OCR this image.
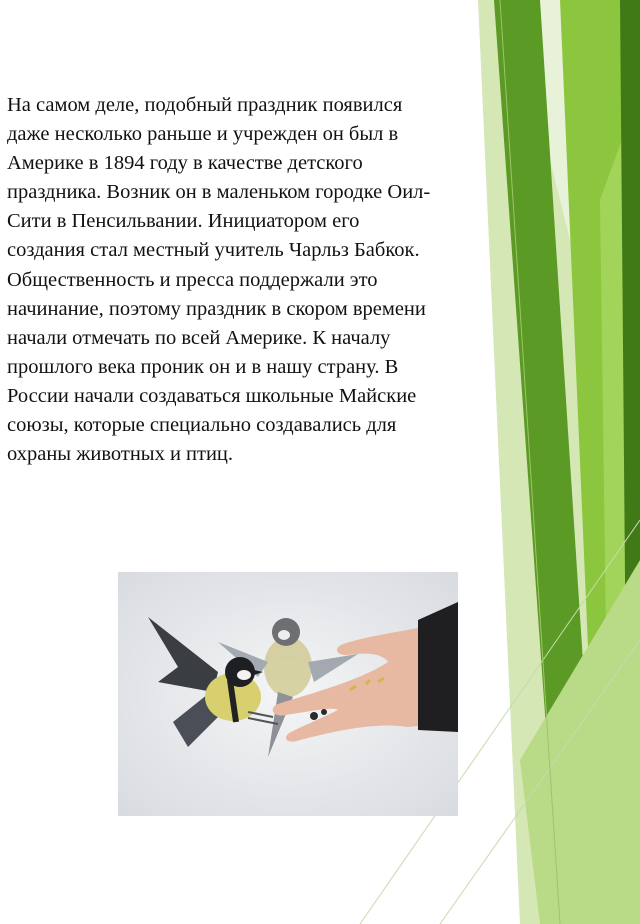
На самом деле, подобный праздник появился
даже несколько раньше и учрежден он был в
Америке в 1894 году в качестве детского
праздника. Возник он в маленьком городке Оил-
Сити в Пенсильвании. Инициатором его
создания стал местный учитель Чарльз Бабкок.
Общественность и пресса поддержали это
начинание, поэтому праздник в скором времени
начали отмечать по всей Америке. К началу
прошлого века проник он и в нашу страну. В
России начали создаваться школьные Майские
союзы, которые специально создавались для
охраны животных и птиц.
